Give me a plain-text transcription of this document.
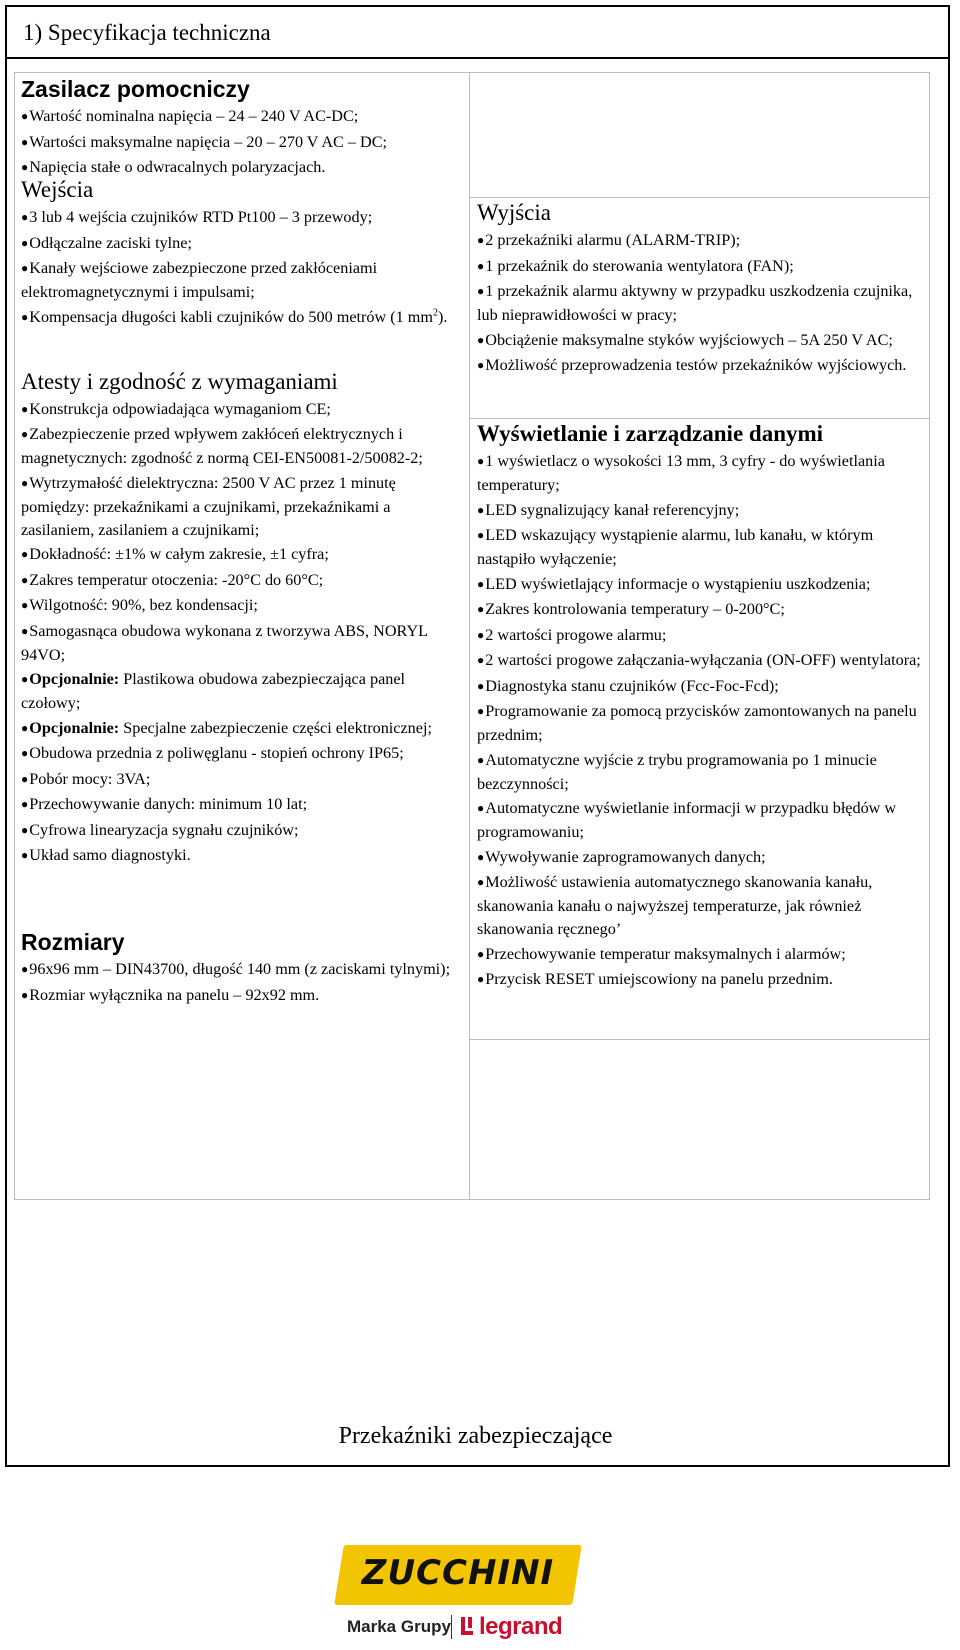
1) Specyfikacja techniczna
Zasilacz pomocniczy
●Wartość nominalna napięcia – 24 – 240 V AC-DC;
●Wartości maksymalne napięcia – 20 – 270 V AC – DC;
●Napięcia stałe o odwracalnych polaryzacjach.
Wejścia
●3 lub 4 wejścia czujników RTD Pt100 – 3 przewody;
●Odłączalne zaciski tylne;
●Kanały wejściowe zabezpieczone przed zakłóceniami elektromagnetycznymi i impulsami;
●Kompensacja długości kabli czujników do 500 metrów (1 $mm^2$).
Atesty i zgodność z wymaganiami
●Konstrukcja odpowiadająca wymaganiom CE;
●Zabezpieczenie przed wpływem zakłóceń elektrycznych i magnetycznych: zgodność z normą CEI-EN50081-2/50082-2;
●Wytrzymałość dielektryczna: 2500 V AC przez 1 minutę pomiędzy: przekaźnikami a czujnikami, przekaźnikami a zasilaniem, zasilaniem a czujnikami;
●Dokładność: ±1% w całym zakresie, ±1 cyfra;
●Zakres temperatur otoczenia: -20°C do 60°C;
●Wilgotność: 90%, bez kondensacji;
●Samogasnąca obudowa wykonana z tworzywa ABS, NORYL 94VO;
●Opcjonalnie: Plastikowa obudowa zabezpieczająca panel czołowy;
●Opcjonalnie: Specjalne zabezpieczenie części elektronicznej;
●Obudowa przednia z poliwęglanu - stopień ochrony IP65;
●Pobór mocy: 3VA;
●Przechowywanie danych: minimum 10 lat;
●Cyfrowa linearyzacja sygnału czujników;
●Układ samo diagnostyki.
Rozmiary
●96x96 mm – DIN43700, długość 140 mm (z zaciskami tylnymi);
●Rozmiar wyłącznika na panelu – 92x92 mm.
Wyjścia
●2 przekaźniki alarmu (ALARM-TRIP);
●1 przekaźnik do sterowania wentylatora (FAN);
●1 przekaźnik alarmu aktywny w przypadku uszkodzenia czujnika, lub nieprawidłowości w pracy;
●Obciążenie maksymalne styków wyjściowych – 5A 250 V AC;
●Możliwość przeprowadzenia testów przekaźników wyjściowych.
Wyświetlanie i zarządzanie danymi
●1 wyświetlacz o wysokości 13 mm, 3 cyfry - do wyświetlania temperatury;
●LED sygnalizujący kanał referencyjny;
●LED wskazujący wystąpienie alarmu, lub kanału, w którym nastąpiło wyłączenie;
●LED wyświetlający informacje o wystąpieniu uszkodzenia;
●Zakres kontrolowania temperatury – 0-200°C;
●2 wartości progowe alarmu;
●2 wartości progowe załączania-wyłączania (ON-OFF) wentylatora;
●Diagnostyka stanu czujników (Fcc-Foc-Fcd);
●Programowanie za pomocą przycisków zamontowanych na panelu przednim;
●Automatyczne wyjście z trybu programowania po 1 minucie bezczynności;
●Automatyczne wyświetlanie informacji w przypadku błędów w programowaniu;
●Wywoływanie zaprogramowanych danych;
●Możliwość ustawienia automatycznego skanowania kanału, skanowania kanału o najwyższej temperaturze, jak również skanowania ręcznego’
●Przechowywanie temperatur maksymalnych i alarmów;
●Przycisk RESET umiejscowiony na panelu przednim.
Przekaźniki zabezpieczające
ZUCCHINI
Marka Grupy legrand
